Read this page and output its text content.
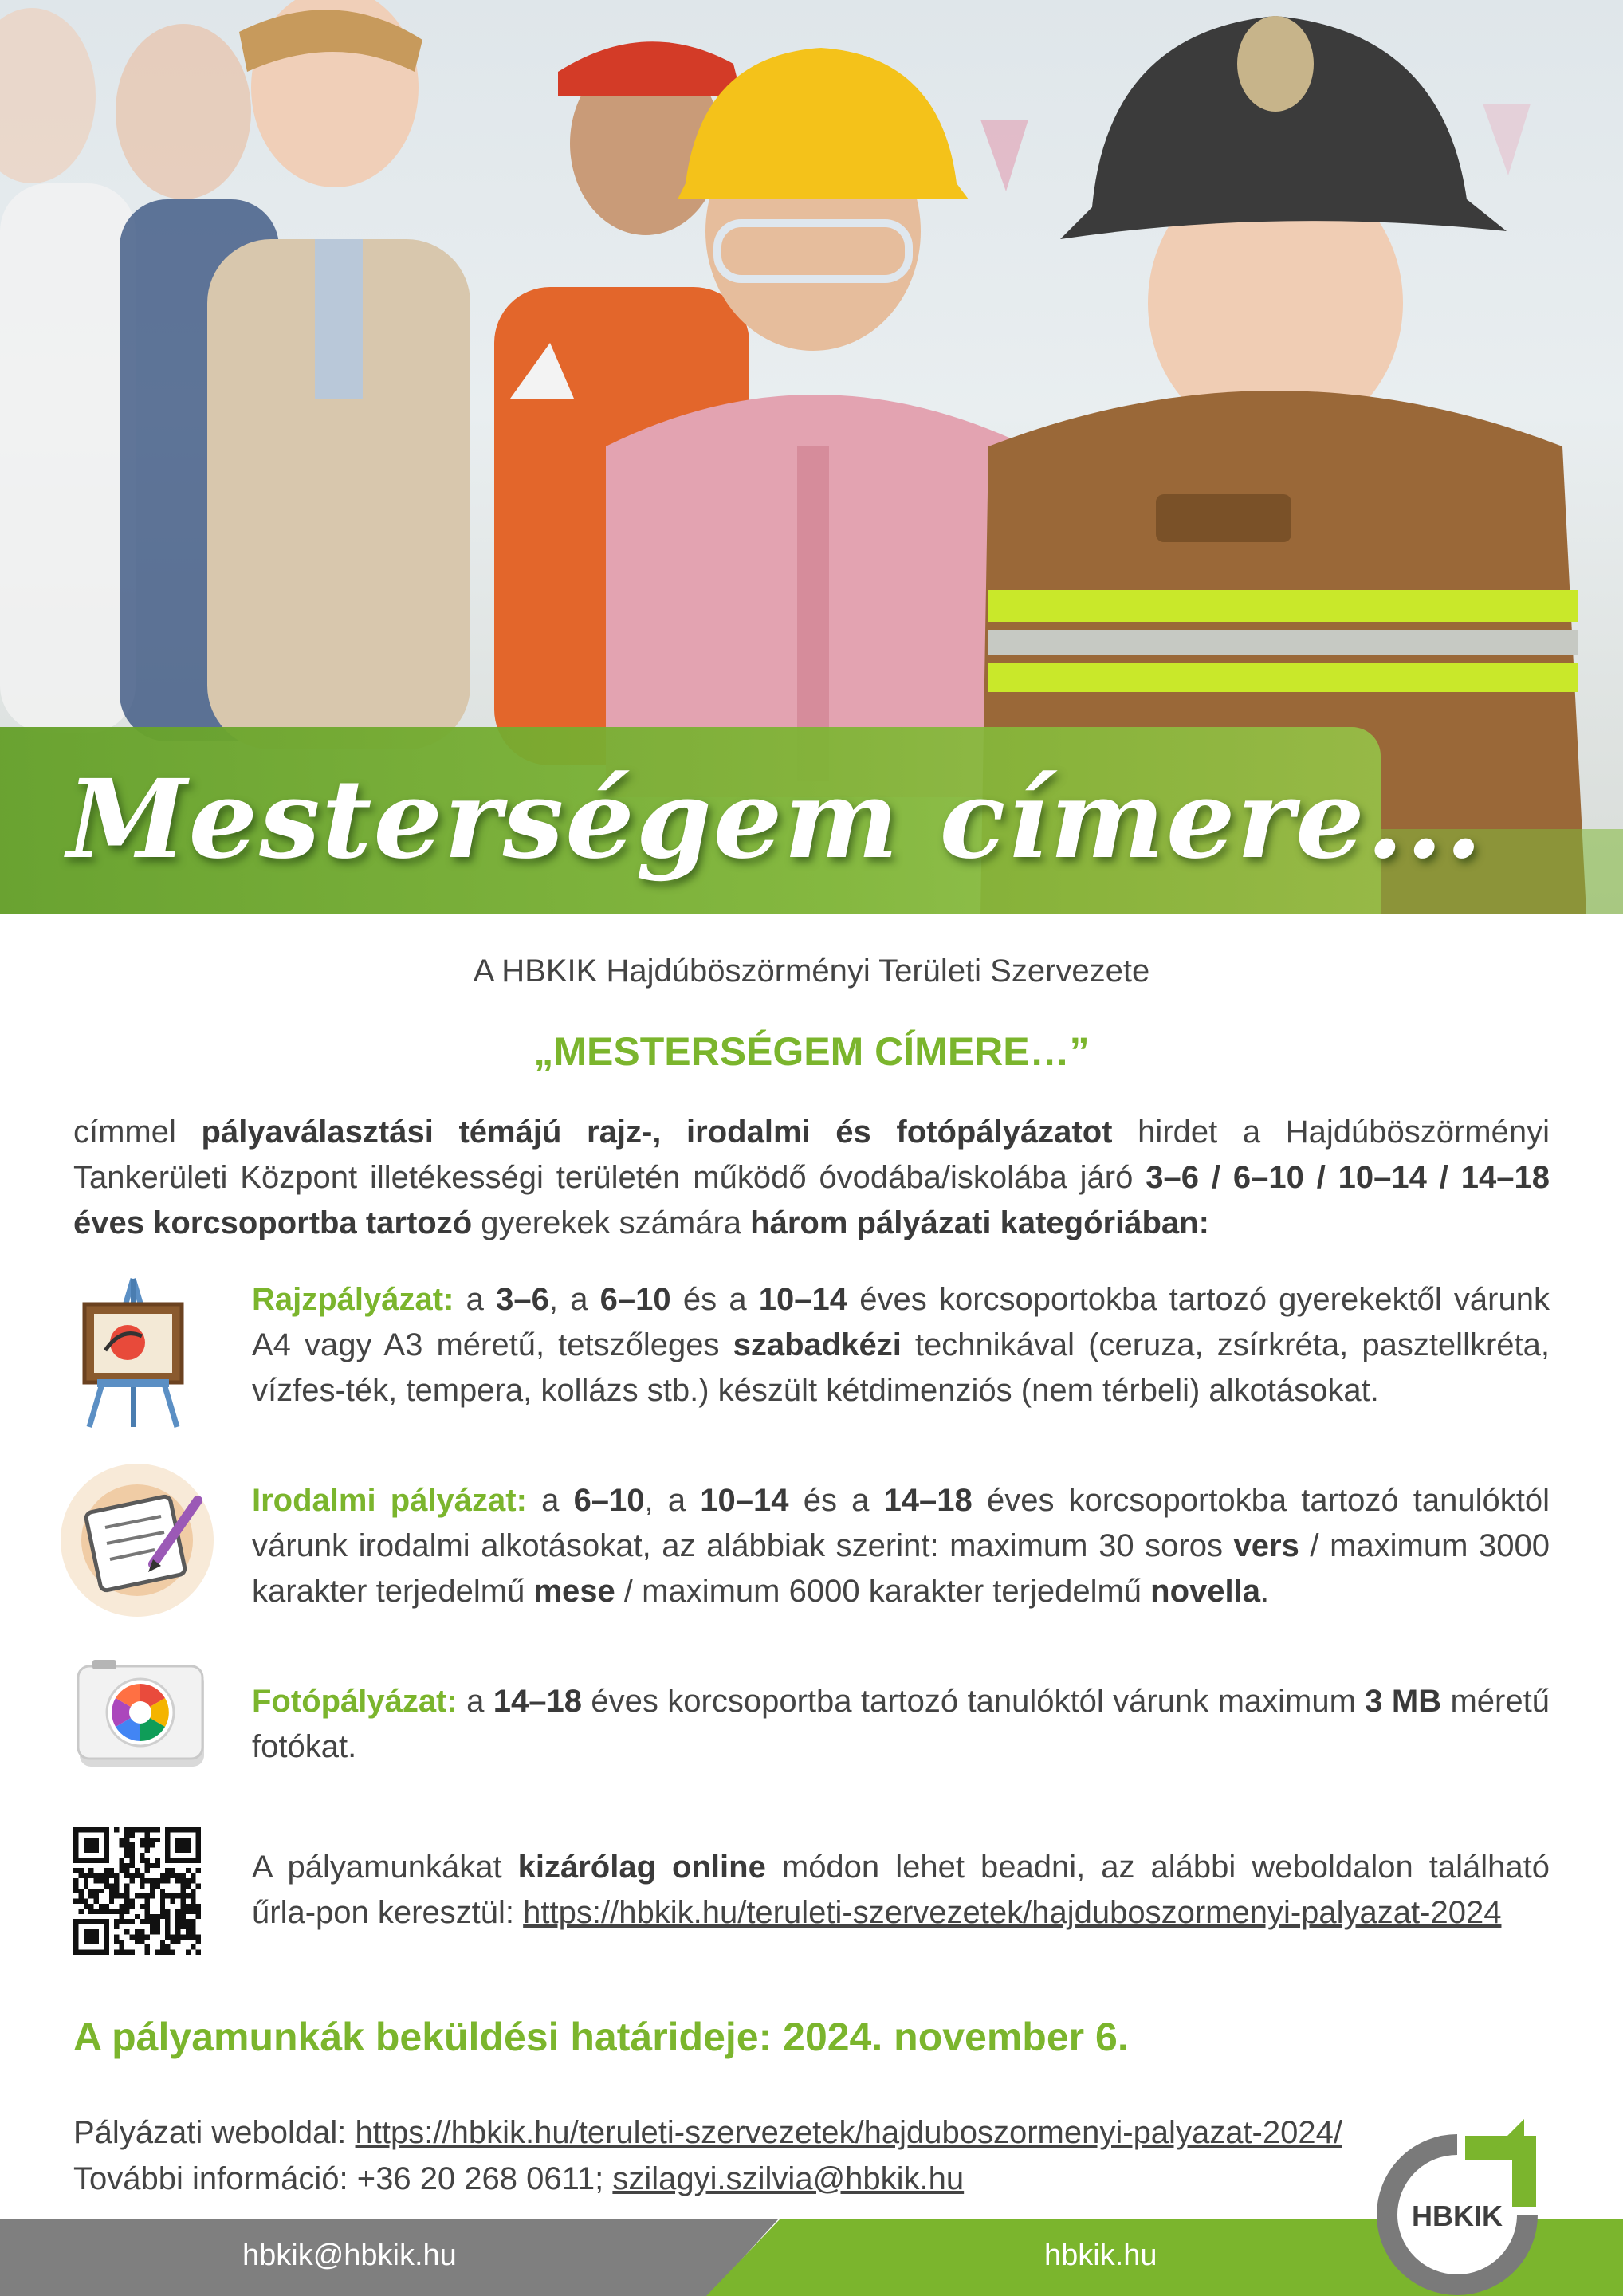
Mesterségem címere...
A HBKIK Hajdúböszörményi Területi Szervezete
„MESTERSÉGEM CÍMERE…”
címmel pályaválasztási témájú rajz-, irodalmi és fotópályázatot hirdet a Hajdúböszörményi Tankerületi Központ illetékességi területén működő óvodába/iskolába járó 3–6 / 6–10 / 10–14 / 14–18 éves korcsoportba tartozó gyerekek számára három pályázati kategóriában:
Rajzpályázat: a 3–6, a 6–10 és a 10–14 éves korcsoportokba tartozó gyerekektől várunk A4 vagy A3 méretű, tetszőleges szabadkézi technikával (ceruza, zsírkréta, pasztellkréta, vízfes-ték, tempera, kollázs stb.) készült kétdimenziós (nem térbeli) alkotásokat.
Irodalmi pályázat: a 6–10, a 10–14 és a 14–18 éves korcsoportokba tartozó tanulóktól várunk irodalmi alkotásokat, az alábbiak szerint: maximum 30 soros vers / maximum 3000 karakter terjedelmű mese / maximum 6000 karakter terjedelmű novella.
Fotópályázat: a 14–18 éves korcsoportba tartozó tanulóktól várunk maximum 3 MB méretű fotókat.
A pályamunkákat kizárólag online módon lehet beadni, az alábbi weboldalon található űrla-pon keresztül: https://hbkik.hu/teruleti-szervezetek/hajduboszormenyi-palyazat-2024
A pályamunkák beküldési határideje: 2024. november 6.
Pályázati weboldal: https://hbkik.hu/teruleti-szervezetek/hajduboszormenyi-palyazat-2024/
További információ: +36 20 268 0611; szilagyi.szilvia@hbkik.hu
hbkik@hbkik.hu	hbkik.hu
HBKIK
